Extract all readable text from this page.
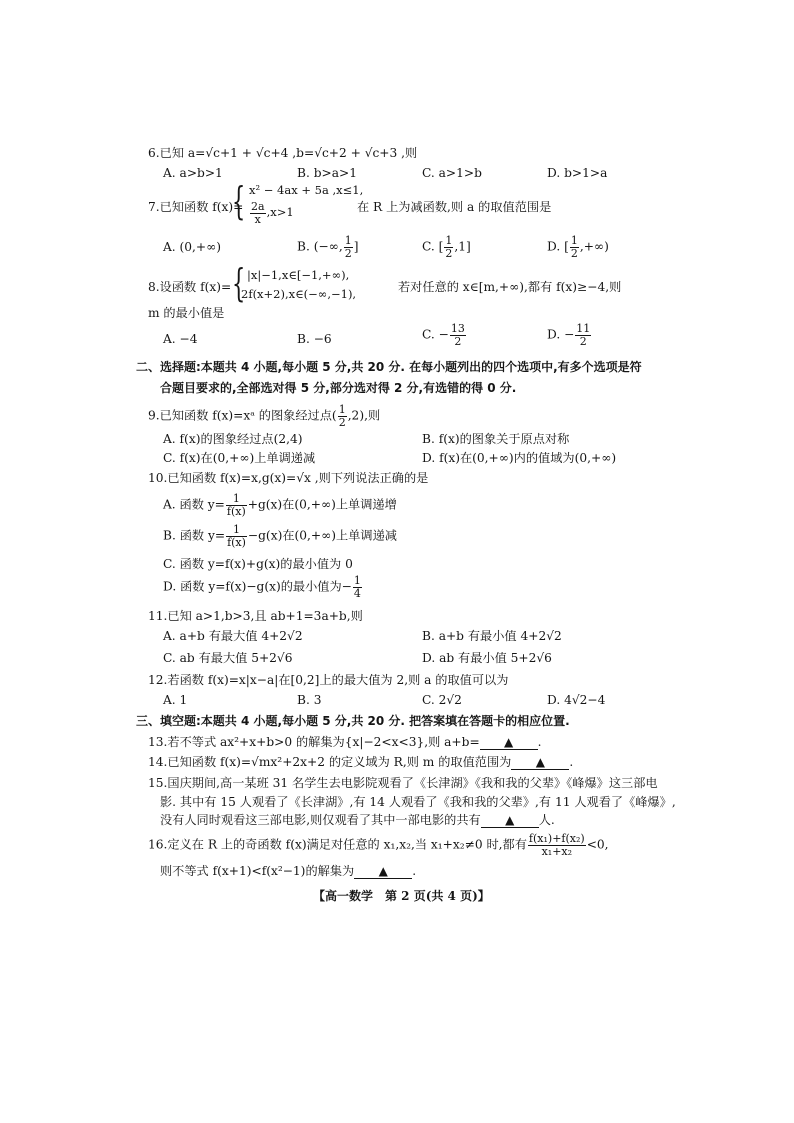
6.已知 a=√c+1 + √c+4 ,b=√c+2 + √c+3 ,则
A. a>b>1	B. b>a>1	C. a>1>b	D. b>1>a
7.已知函数 f(x)=
{ x² − 4ax + 5a ,x≤1,
$\frac{2a}{x} ,x>1$	在 R 上为减函数,则 a 的取值范围是
A. (0,+∞)	B. (−∞, $\frac{1}{2}$ ]	C. [ $\frac{1}{2} ,1$]	D. [ $\frac{1}{2}$ ,+∞)
8.设函数 f(x)= { |x|−1,x∈[−1,+∞),
2f(x+2),x∈(−∞,−1),	若对任意的 x∈[m,+∞),都有 f(x)≥−4,则
m 的最小值是
A. −4	B. −6	C. − $\frac{13}{2}$	D. − $\frac{11}{2}$
二、选择题:本题共 4 小题,每小题 5 分,共 20 分. 在每小题列出的四个选项中,有多个选项是符
合题目要求的,全部选对得 5 分,部分选对得 2 分,有选错的得 0 分.
9.已知函数 f(x)=xᵃ 的图象经过点( $\frac{1}{2} ,2$),则
A. f(x)的图象经过点(2,4)	B. f(x)的图象关于原点对称
C. f(x)在(0,+∞)上单调递减	D. f(x)在(0,+∞)内的值域为(0,+∞)
10.已知函数 f(x)=x,g(x)=√x ,则下列说法正确的是
A. 函数 $y= \frac{1}{f(x)} +g(x)$在(0,+∞)上单调递增
B. 函数 $y= \frac{1}{f(x)} -g(x)$在(0,+∞)上单调递减
C. 函数 y=f(x)+g(x)的最小值为 0
D. 函数 y=f(x)−g(x)的最小值为− $\frac{1}{4}$
11.已知 a>1,b>3,且 ab+1=3a+b,则
A. a+b 有最大值 4+2√2	B. a+b 有最小值 4+2√2
C. ab 有最大值 5+2√6	D. ab 有最小值 5+2√6
12.若函数 f(x)=x|x−a|在[0,2]上的最大值为 2,则 a 的取值可以为
A. 1	B. 3	C. 2√2	D. 4√2−4
三、填空题:本题共 4 小题,每小题 5 分,共 20 分. 把答案填在答题卡的相应位置.
13.若不等式 ax²+x+b>0 的解集为{x|−2<x<3},则 a+b= ▲ .
14.已知函数 f(x)=√mx²+2x+2 的定义域为 R,则 m 的取值范围为 ▲ .
15.国庆期间,高一某班 31 名学生去电影院观看了《长津湖》《我和我的父辈》《峰爆》这三部电
影. 其中有 15 人观看了《长津湖》,有 14 人观看了《我和我的父辈》,有 11 人观看了《峰爆》,
没有人同时观看这三部电影,则仅观看了其中一部电影的共有 ▲ 人.
16.定义在 R 上的奇函数 f(x)满足对任意的 x₁,x₂,当 x₁+x₂≠0 时,都有 $\frac{\text{f(x₁)+f(x₂)}}{\text{x₁+x₂}} <0$,
则不等式 f(x+1)<f(x²−1)的解集为 ▲ .
【高一数学　第 2 页(共 4 页)】
